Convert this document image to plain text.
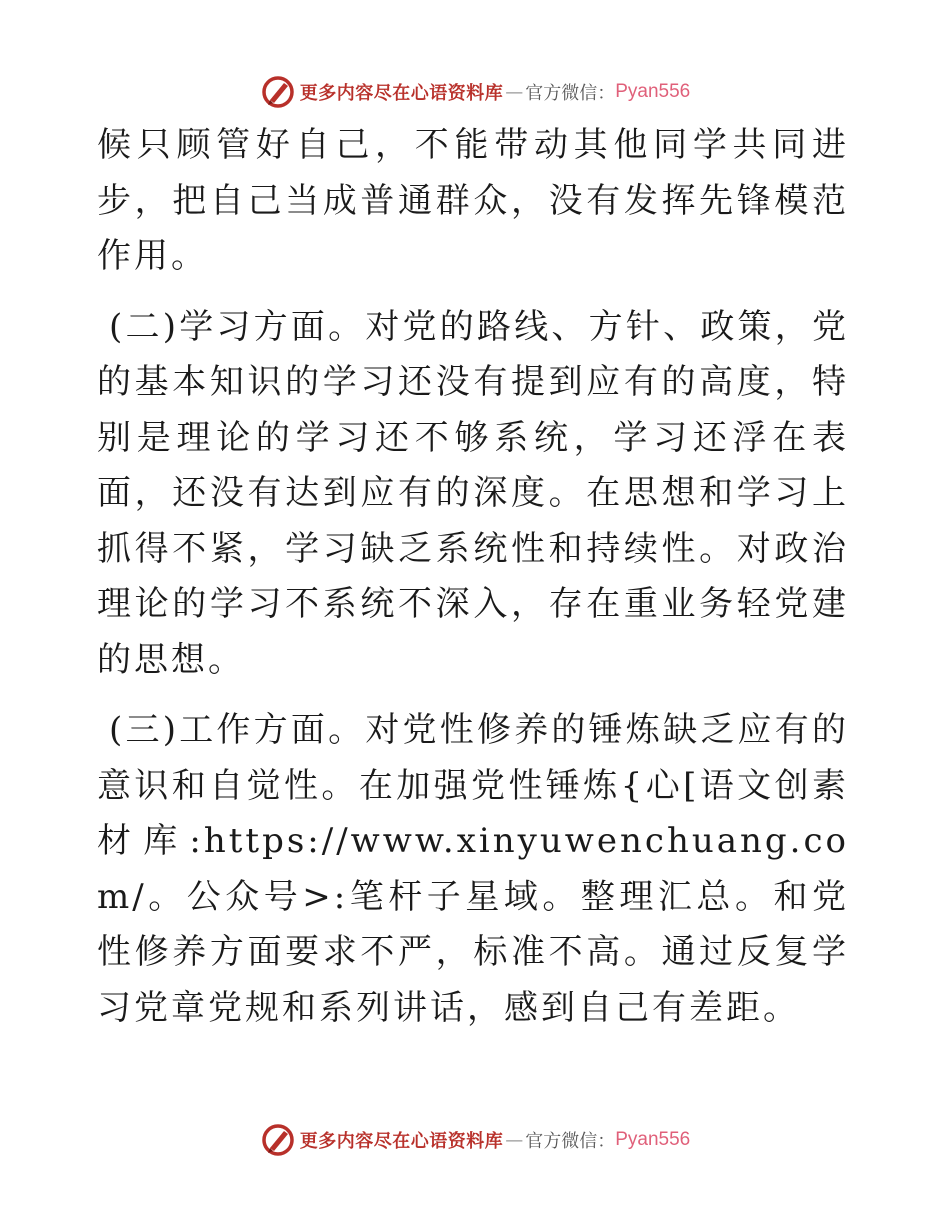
更多内容尽在心语资料库 — 官方微信： Pyan556

候只顾管好自己，不能带动其他同学共同进步，把自己当成普通群众，没有发挥先锋模范作用。

(二)学习方面。对党的路线、方针、政策，党的基本知识的学习还没有提到应有的高度，特别是理论的学习还不够系统，学习还浮在表面，还没有达到应有的深度。在思想和学习上抓得不紧，学习缺乏系统性和持续性。对政治理论的学习不系统不深入，存在重业务轻党建的思想。

(三)工作方面。对党性修养的锤炼缺乏应有的意识和自觉性。在加强党性锤炼{心[语文创素材库:https://www.xinyuwenchuang.com/。公众号>:笔杆子星域。整理汇总。和党性修养方面要求不严，标准不高。通过反复学习党章党规和系列讲话，感到自己有差距。

更多内容尽在心语资料库 — 官方微信： Pyan556
